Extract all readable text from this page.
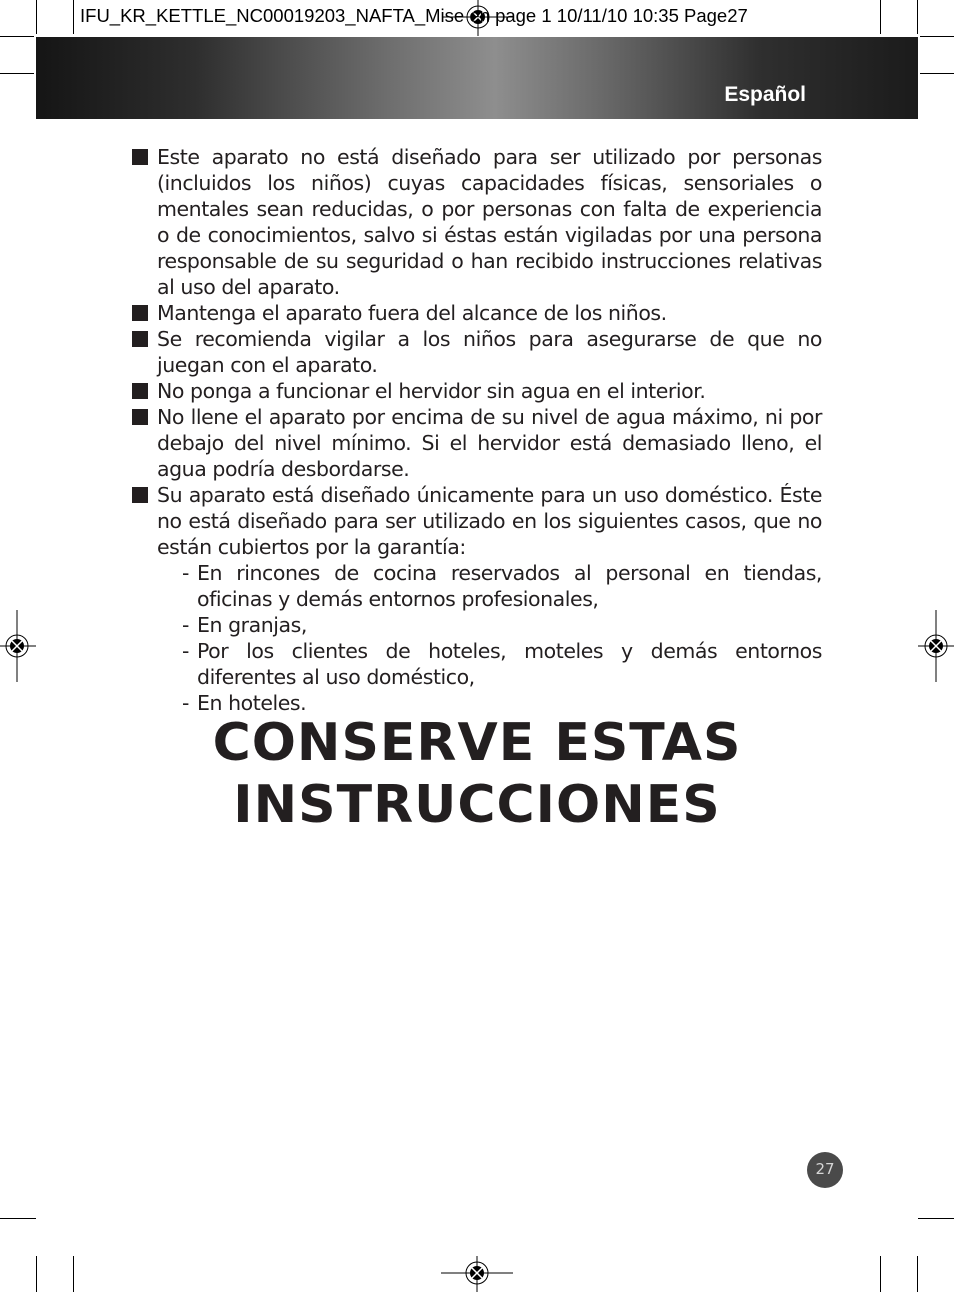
IFU_KR_KETTLE_NC00019203_NAFTA_Mise en page 1 10/11/10 10:35 Page27
Español
Este aparato no está diseñado para ser utilizado por personas (incluidos los niños) cuyas capacidades físicas, sensoriales o mentales sean reducidas, o por personas con falta de experiencia o de conocimientos, salvo si éstas están vigiladas por una persona responsable de su seguridad o han recibido instrucciones relativas al uso del aparato.
Mantenga el aparato fuera del alcance de los niños.
Se recomienda vigilar a los niños para asegurarse de que no juegan con el aparato.
No ponga a funcionar el hervidor sin agua en el interior.
No llene el aparato por encima de su nivel de agua máximo, ni por debajo del nivel mínimo. Si el hervidor está demasiado lleno, el agua podría desbordarse.
Su aparato está diseñado únicamente para un uso doméstico. Éste no está diseñado para ser utilizado en los siguientes casos, que no están cubiertos por la garantía:
- En rincones de cocina reservados al personal en tiendas, oficinas y demás entornos profesionales,
- En granjas,
- Por los clientes de hoteles, moteles y demás entornos diferentes al uso doméstico,
- En hoteles.
CONSERVE ESTAS
INSTRUCCIONES
27
